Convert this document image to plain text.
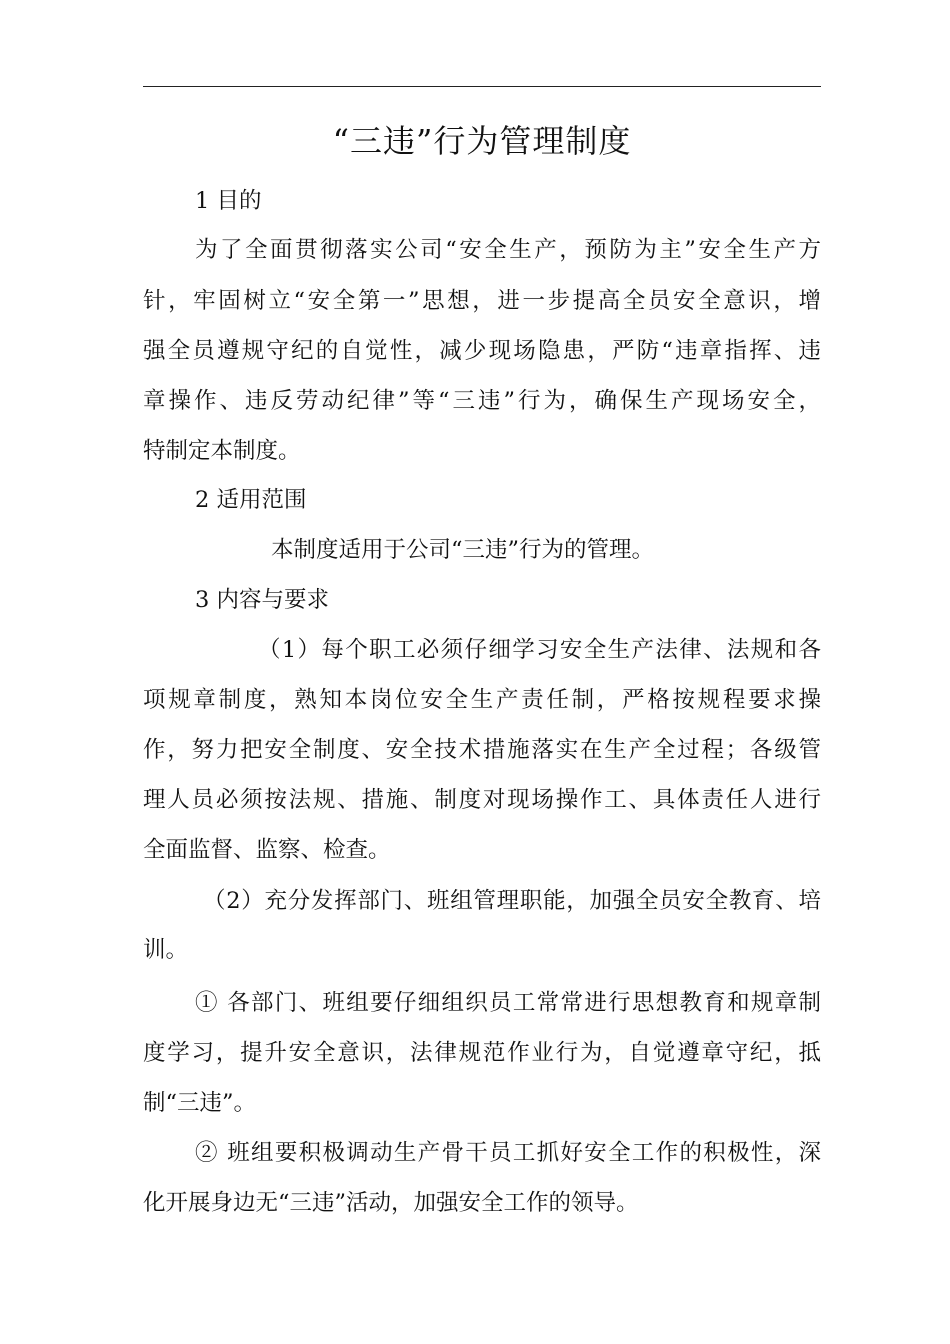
“三违”行为管理制度
1 目的
为了全面贯彻落实公司“安全生产，预防为主”安全生产方
针，牢固树立“安全第一”思想，进一步提高全员安全意识，增
强全员遵规守纪的自觉性，减少现场隐患，严防“违章指挥、违
章操作、违反劳动纪律”等“三违”行为，确保生产现场安全，
特制定本制度。
2 适用范围
本制度适用于公司“三违”行为的管理。
3 内容与要求
（1）每个职工必须仔细学习安全生产法律、法规和各
项规章制度，熟知本岗位安全生产责任制，严格按规程要求操
作，努力把安全制度、安全技术措施落实在生产全过程；各级管
理人员必须按法规、措施、制度对现场操作工、具体责任人进行
全面监督、监察、检查。
（2）充分发挥部门、班组管理职能，加强全员安全教育、培
训。
① 各部门、班组要仔细组织员工常常进行思想教育和规章制
度学习，提升安全意识，法律规范作业行为，自觉遵章守纪，抵
制“三违”。
② 班组要积极调动生产骨干员工抓好安全工作的积极性，深
化开展身边无“三违”活动，加强安全工作的领导。
